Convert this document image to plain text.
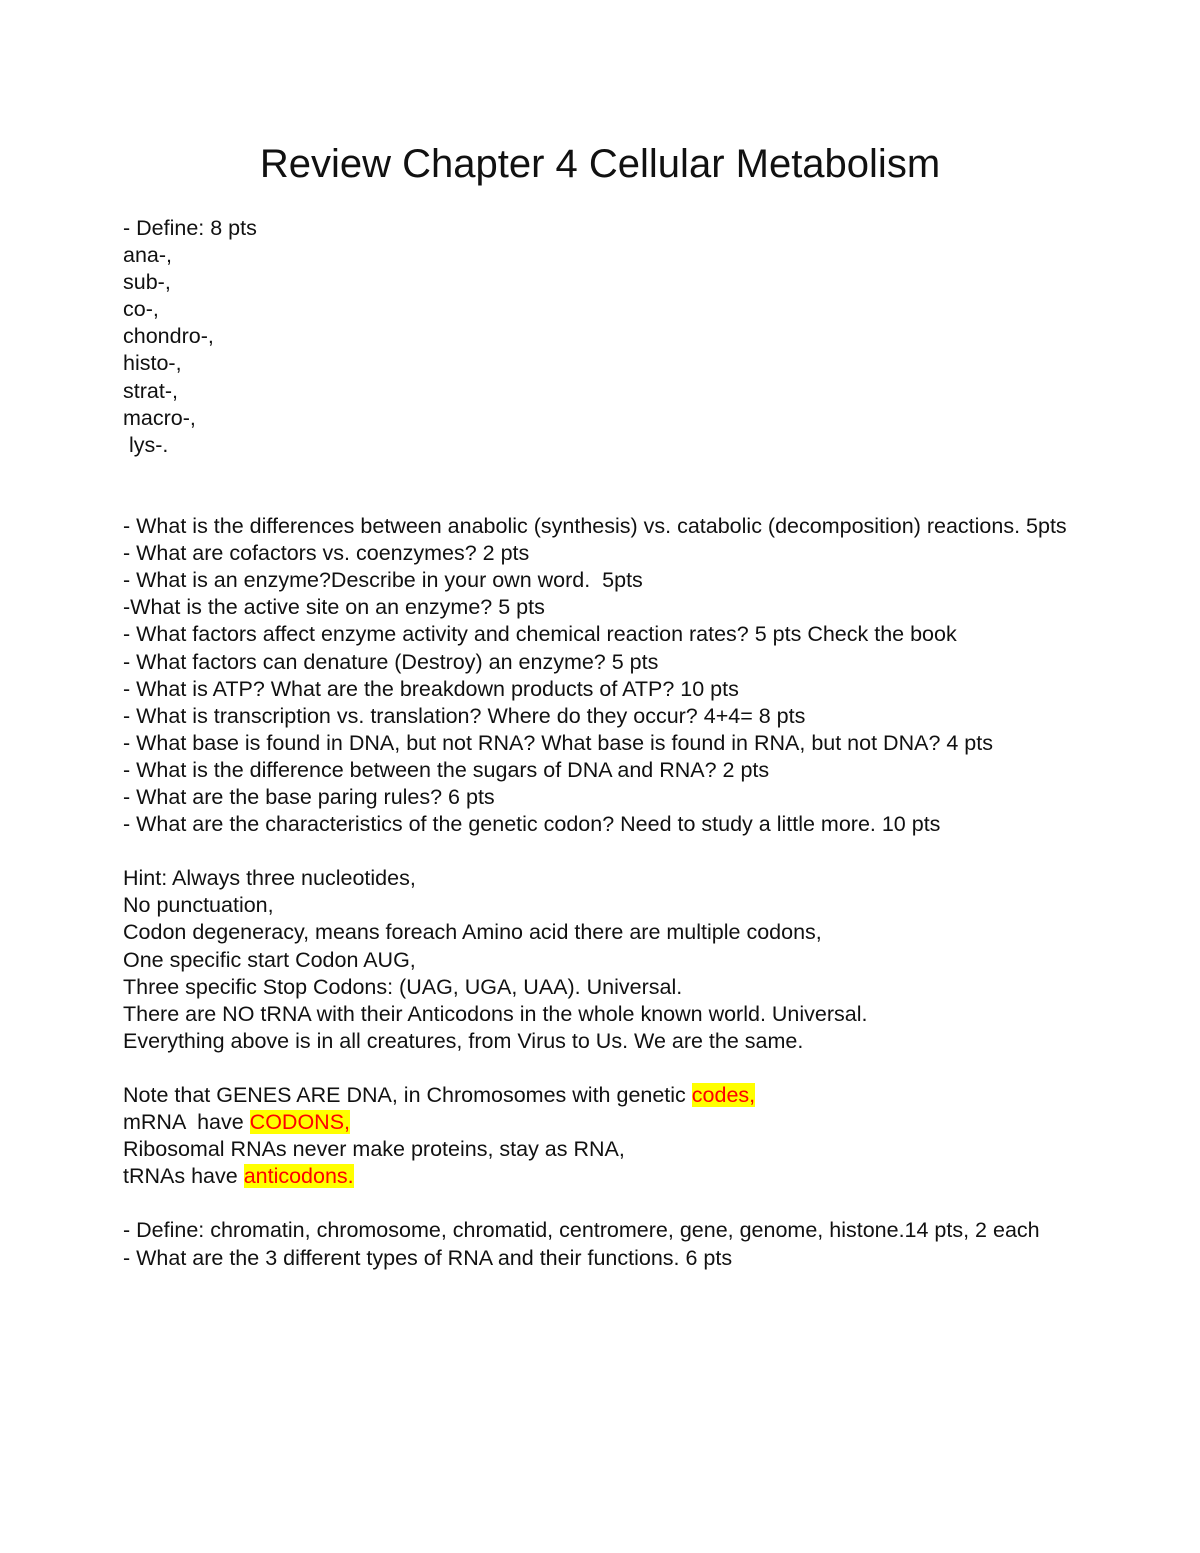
Review Chapter 4 Cellular Metabolism
- Define: 8 pts
ana-,
sub-,
co-,
chondro-,
histo-,
strat-,
macro-,
lys-.
- What is the differences between anabolic (synthesis) vs. catabolic (decomposition) reactions. 5pts
- What are cofactors vs. coenzymes? 2 pts
- What is an enzyme?Describe in your own word.  5pts
-What is the active site on an enzyme? 5 pts
- What factors affect enzyme activity and chemical reaction rates? 5 pts Check the book
- What factors can denature (Destroy) an enzyme? 5 pts
- What is ATP? What are the breakdown products of ATP? 10 pts
- What is transcription vs. translation? Where do they occur? 4+4= 8 pts
- What base is found in DNA, but not RNA? What base is found in RNA, but not DNA? 4 pts
- What is the difference between the sugars of DNA and RNA? 2 pts
- What are the base paring rules? 6 pts
- What are the characteristics of the genetic codon? Need to study a little more. 10 pts
Hint: Always three nucleotides,
No punctuation,
Codon degeneracy, means foreach Amino acid there are multiple codons,
One specific start Codon AUG,
Three specific Stop Codons: (UAG, UGA, UAA). Universal.
There are NO tRNA with their Anticodons in the whole known world. Universal.
Everything above is in all creatures, from Virus to Us. We are the same.
Note that GENES ARE DNA, in Chromosomes with genetic codes,
mRNA  have CODONS,
Ribosomal RNAs never make proteins, stay as RNA,
tRNAs have anticodons.
- Define: chromatin, chromosome, chromatid, centromere, gene, genome, histone.14 pts, 2 each
- What are the 3 different types of RNA and their functions. 6 pts
